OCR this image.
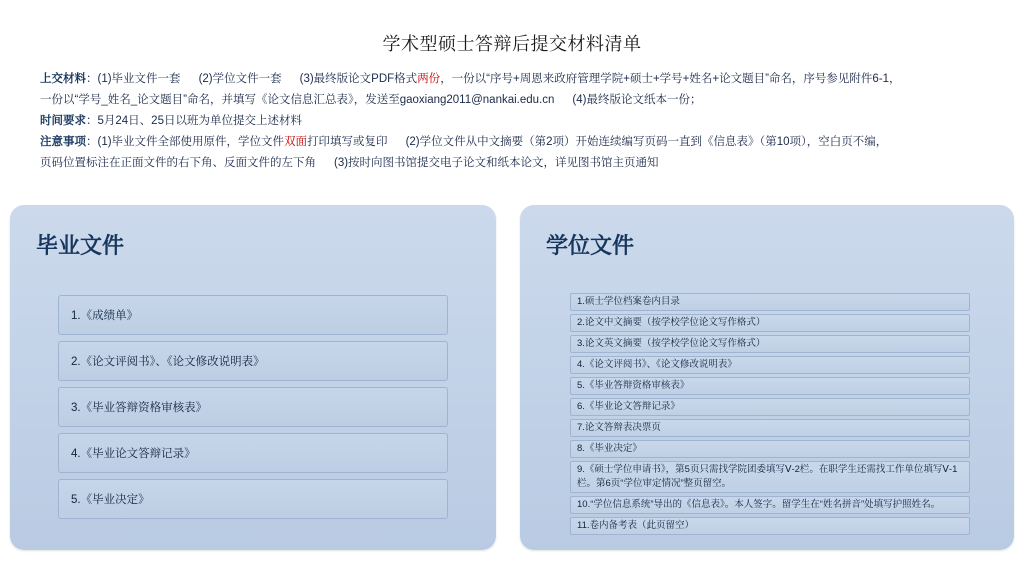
学术型硕士答辩后提交材料清单
上交材料：(1)毕业文件一套 (2)学位文件一套 (3)最终版论文PDF格式两份，一份以“序号+周恩来政府管理学院+硕士+学号+姓名+论文题目”命名，序号参见附件6-1，
一份以“学号_姓名_论文题目”命名，并填写《论文信息汇总表》，发送至gaoxiang2011@nankai.edu.cn (4)最终版论文纸本一份；
时间要求：5月24日、25日以班为单位提交上述材料
注意事项：(1)毕业文件全部使用原件，学位文件双面打印填写或复印 (2)学位文件从中文摘要（第2项）开始连续编写页码一直到《信息表》（第10项），空白页不编，
页码位置标注在正面文件的右下角、反面文件的左下角 (3)按时向图书馆提交电子论文和纸本论文，详见图书馆主页通知
毕业文件
1.《成绩单》
2.《论文评阅书》、《论文修改说明表》
3.《毕业答辩资格审核表》
4.《毕业论文答辩记录》
5.《毕业决定》
学位文件
1.硕士学位档案卷内目录
2.论文中文摘要（按学校学位论文写作格式）
3.论文英文摘要（按学校学位论文写作格式）
4.《论文评阅书》、《论文修改说明表》
5.《毕业答辩资格审核表》
6.《毕业论文答辩记录》
7.论文答辩表决票页
8.《毕业决定》
9.《硕士学位申请书》，第5页只需找学院团委填写Ⅴ-2栏。在职学生还需找工作单位填写Ⅴ-1栏。第6页“学位审定情况”整页留空。
10.“学位信息系统”导出的《信息表》。本人签字。留学生在“姓名拼音”处填写护照姓名。
11.卷内备考表（此页留空）
